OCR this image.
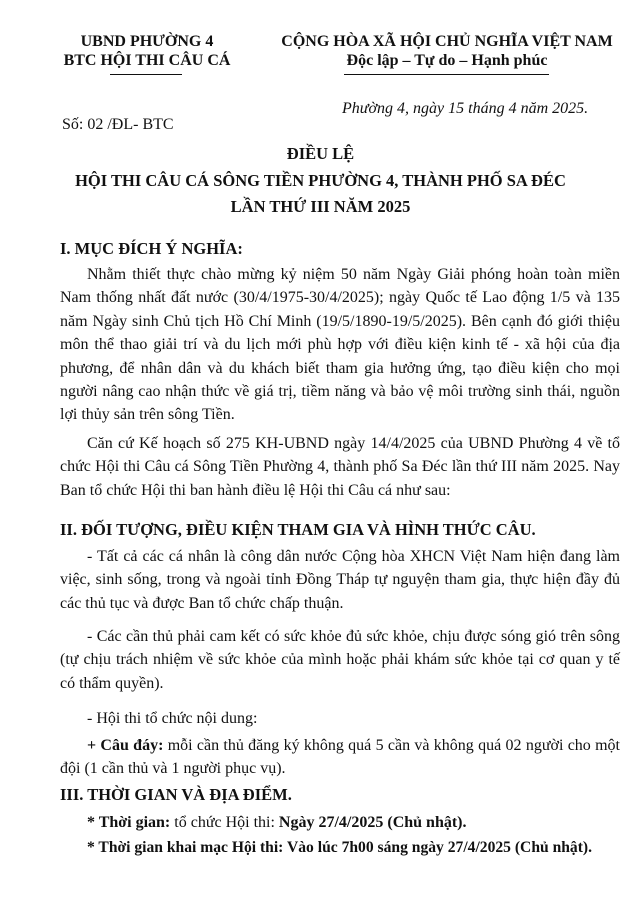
UBND PHƯỜNG 4
BTC HỘI THI CÂU CÁ
CỘNG HÒA XÃ HỘI CHỦ NGHĨA VIỆT NAM
Độc lập – Tự do – Hạnh phúc
Số: 02 /ĐL- BTC
Phường 4, ngày 15 tháng 4 năm 2025.
ĐIỀU LỆ
HỘI THI CÂU CÁ SÔNG TIỀN PHƯỜNG 4, THÀNH PHỐ SA ĐÉC
LẦN THỨ III NĂM 2025
I. MỤC ĐÍCH Ý NGHĨA:
Nhằm thiết thực chào mừng kỷ niệm 50 năm Ngày Giải phóng hoàn toàn miền Nam thống nhất đất nước (30/4/1975-30/4/2025); ngày Quốc tế Lao động 1/5 và 135 năm Ngày sinh Chủ tịch Hồ Chí Minh (19/5/1890-19/5/2025). Bên cạnh đó giới thiệu môn thể thao giải trí và du lịch mới phù hợp với điều kiện kinh tế - xã hội của địa phương, để nhân dân và du khách biết tham gia hưởng ứng, tạo điều kiện cho mọi người nâng cao nhận thức về giá trị, tiềm năng và bảo vệ môi trường sinh thái, nguồn lợi thủy sản trên sông Tiền.
Căn cứ Kế hoạch số 275 KH-UBND ngày 14/4/2025 của UBND Phường 4 về tổ chức Hội thi Câu cá Sông Tiền Phường 4, thành phố Sa Đéc lần thứ III năm 2025. Nay Ban tổ chức Hội thi ban hành điều lệ Hội thi Câu cá như sau:
II. ĐỐI TƯỢNG, ĐIỀU KIỆN THAM GIA VÀ HÌNH THỨC CÂU.
- Tất cả các cá nhân là công dân nước Cộng hòa XHCN Việt Nam hiện đang làm việc, sinh sống, trong và ngoài tỉnh Đồng Tháp tự nguyện tham gia, thực hiện đầy đủ các thủ tục và được Ban tổ chức chấp thuận.
- Các cần thủ phải cam kết có sức khỏe đủ sức khỏe, chịu được sóng gió trên sông (tự chịu trách nhiệm về sức khỏe của mình hoặc phải khám sức khỏe tại cơ quan y tế có thẩm quyền).
- Hội thi tổ chức nội dung:
+ Câu đáy: mỗi cần thủ đăng ký không quá 5 cần và không quá 02 người cho một đội (1 cần thủ và 1 người phục vụ).
III. THỜI GIAN VÀ ĐỊA ĐIỂM.
* Thời gian: tổ chức Hội thi: Ngày 27/4/2025 (Chủ nhật).
* Thời gian khai mạc Hội thi: Vào lúc 7h00 sáng ngày 27/4/2025 (Chủ nhật).
